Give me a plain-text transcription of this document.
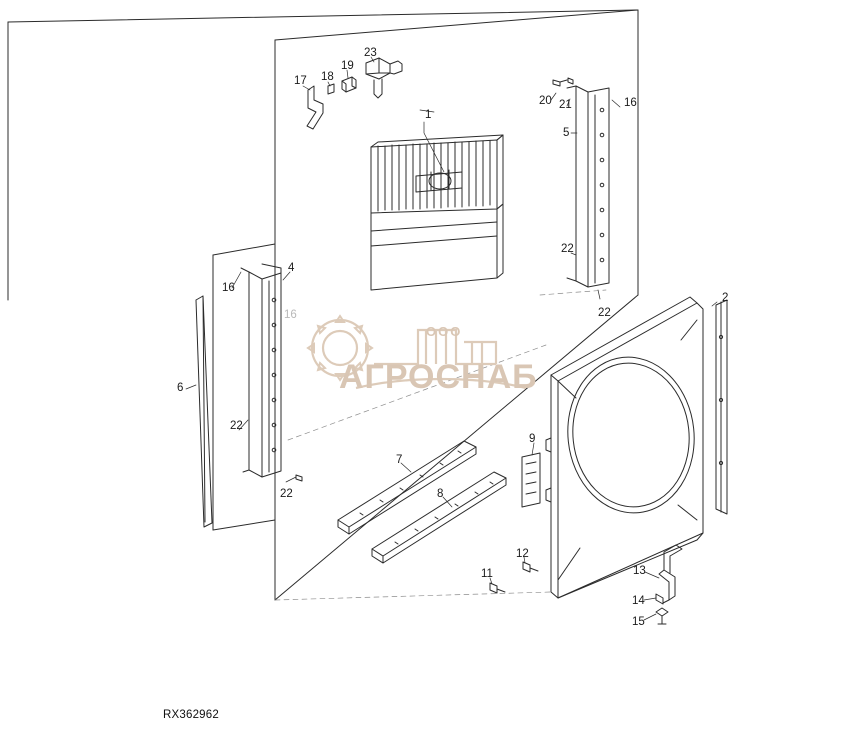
ООО
АГРОСНАБ
1
2
4
5
6
7
8
9
11
12
13
14
15
16
16
16
17 18
19
20 21
22
22
22
22
23
RX362962
